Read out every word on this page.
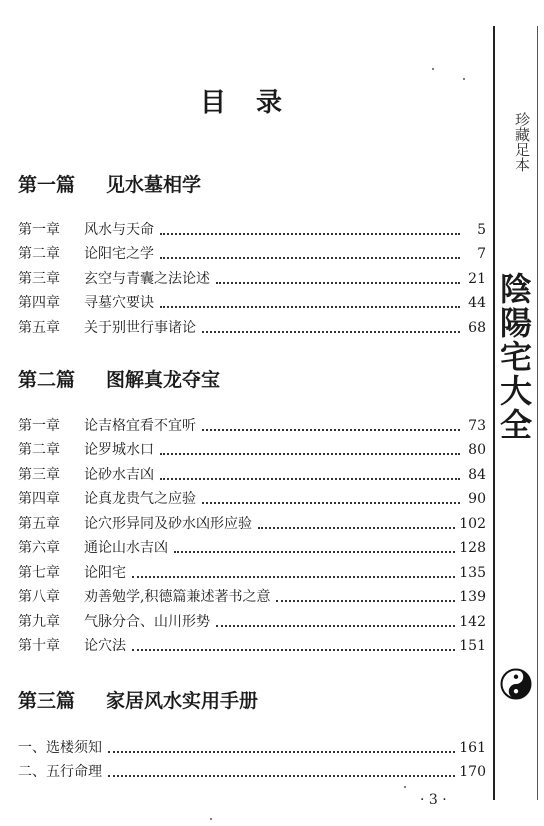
目录
第一篇 见水墓相学
第一章	风水与天命	5
第二章	论阳宅之学	7
第三章	玄空与青囊之法论述	21
第四章	寻墓穴要诀	44
第五章	关于别世行事诸论	68
第二篇 图解真龙夺宝
第一章	论吉格宜看不宜听	73
第二章	论罗城水口	80
第三章	论砂水吉凶	84
第四章	论真龙贵气之应验	90
第五章	论穴形异同及砂水凶形应验	102
第六章	通论山水吉凶	128
第七章	论阳宅	135
第八章	劝善勉学,积德篇兼述著书之意	139
第九章	气脉分合、山川形势	142
第十章	论穴法	151
第三篇 家居风水实用手册
一、选楼须知	161
二、五行命理	170
珍藏足本
陰陽宅大全
· 3 ·
